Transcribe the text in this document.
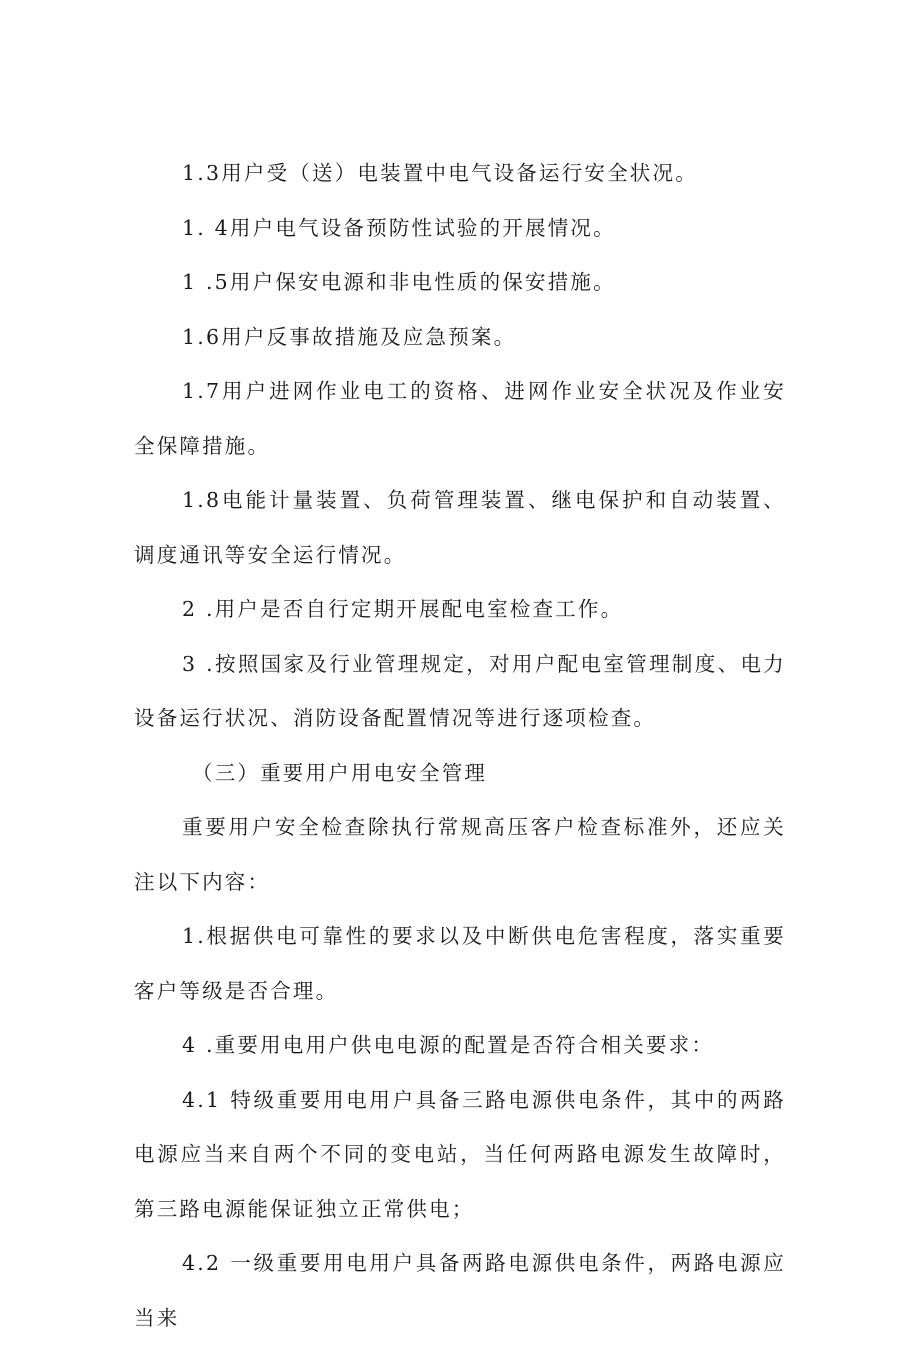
1.3用户受（送）电装置中电气设备运行安全状况。

1. 4用户电气设备预防性试验的开展情况。

1 .5用户保安电源和非电性质的保安措施。

1.6用户反事故措施及应急预案。

1.7用户进网作业电工的资格、进网作业安全状况及作业安全保障措施。

1.8电能计量装置、负荷管理装置、继电保护和自动装置、调度通讯等安全运行情况。

2 .用户是否自行定期开展配电室检查工作。

3 .按照国家及行业管理规定，对用户配电室管理制度、电力设备运行状况、消防设备配置情况等进行逐项检查。

（三）重要用户用电安全管理

重要用户安全检查除执行常规高压客户检查标准外，还应关注以下内容：

1.根据供电可靠性的要求以及中断供电危害程度，落实重要客户等级是否合理。

4 .重要用电用户供电电源的配置是否符合相关要求：

4.1 特级重要用电用户具备三路电源供电条件，其中的两路电源应当来自两个不同的变电站，当任何两路电源发生故障时，第三路电源能保证独立正常供电；

4.2 一级重要用电用户具备两路电源供电条件，两路电源应当来
